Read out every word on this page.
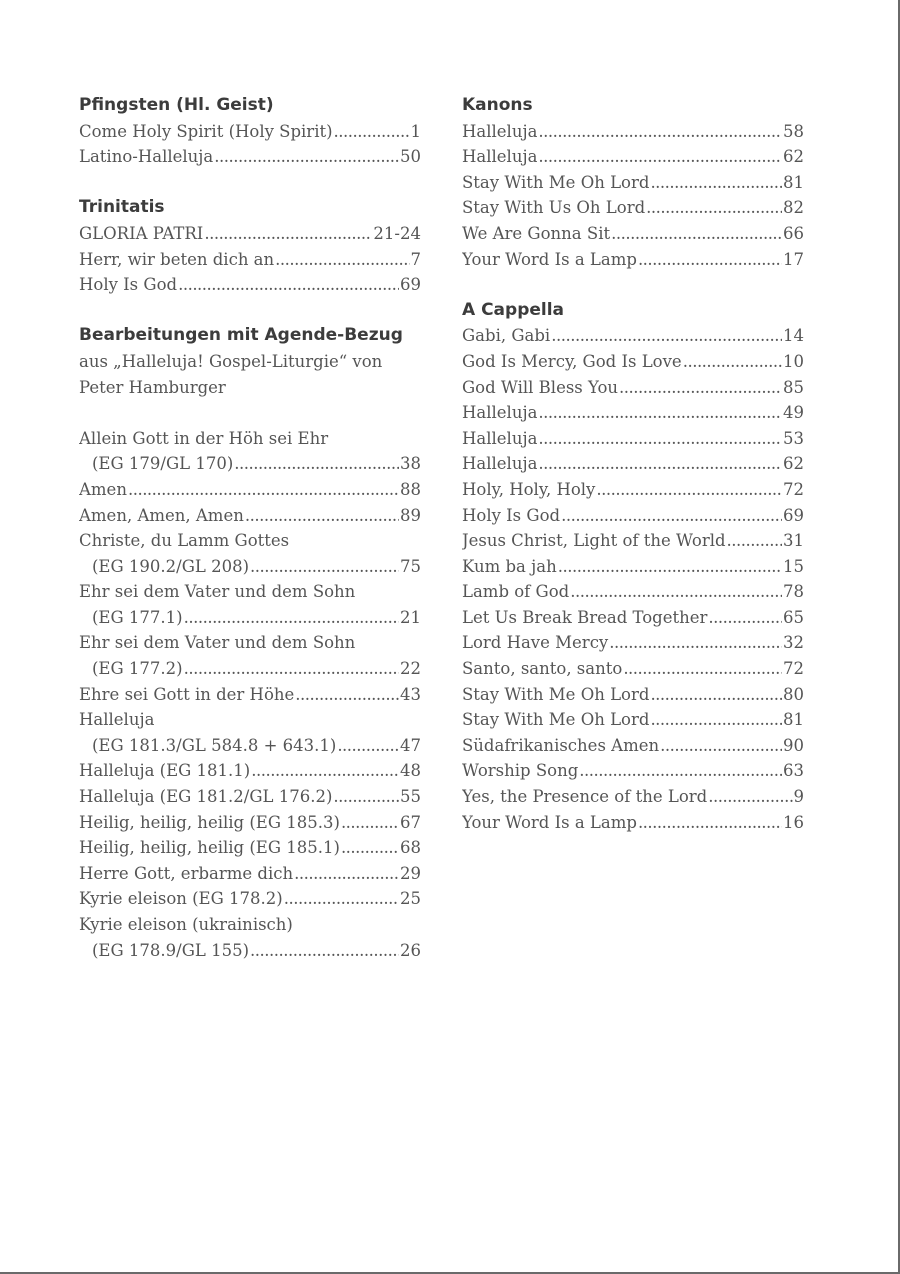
Pfingsten (Hl. Geist)
Come Holy Spirit (Holy Spirit) .....	1
Latino-Halleluja .....	50
Trinitatis
GLORIA PATRI .....	21-24
Herr, wir beten dich an .....	7
Holy Is God .....	69
Bearbeitungen mit Agende-Bezug
aus „Halleluja! Gospel-Liturgie“ von
Peter Hamburger
Allein Gott in der Höh sei Ehr
(EG 179/GL 170) .....	38
Amen .....	88
Amen, Amen, Amen .....	89
Christe, du Lamm Gottes
(EG 190.2/GL 208) .....	75
Ehr sei dem Vater und dem Sohn
(EG 177.1) .....	21
Ehr sei dem Vater und dem Sohn
(EG 177.2) .....	22
Ehre sei Gott in der Höhe .....	43
Halleluja
(EG 181.3/GL 584.8 + 643.1) .....	47
Halleluja (EG 181.1) .....	48
Halleluja (EG 181.2/GL 176.2) .....	55
Heilig, heilig, heilig (EG 185.3) .....	67
Heilig, heilig, heilig (EG 185.1) .....	68
Herre Gott, erbarme dich .....	29
Kyrie eleison (EG 178.2) .....	25
Kyrie eleison (ukrainisch)
(EG 178.9/GL 155) .....	26
Kanons
Halleluja .....	58
Halleluja .....	62
Stay With Me Oh Lord .....	81
Stay With Us Oh Lord .....	82
We Are Gonna Sit .....	66
Your Word Is a Lamp .....	17
A Cappella
Gabi, Gabi .....	14
God Is Mercy, God Is Love .....	10
God Will Bless You .....	85
Halleluja .....	49
Halleluja .....	53
Halleluja .....	62
Holy, Holy, Holy .....	72
Holy Is God .....	69
Jesus Christ, Light of the World .....	31
Kum ba jah .....	15
Lamb of God .....	78
Let Us Break Bread Together .....	65
Lord Have Mercy .....	32
Santo, santo, santo .....	72
Stay With Me Oh Lord .....	80
Stay With Me Oh Lord .....	81
Südafrikanisches Amen .....	90
Worship Song .....	63
Yes, the Presence of the Lord .....	9
Your Word Is a Lamp .....	16
